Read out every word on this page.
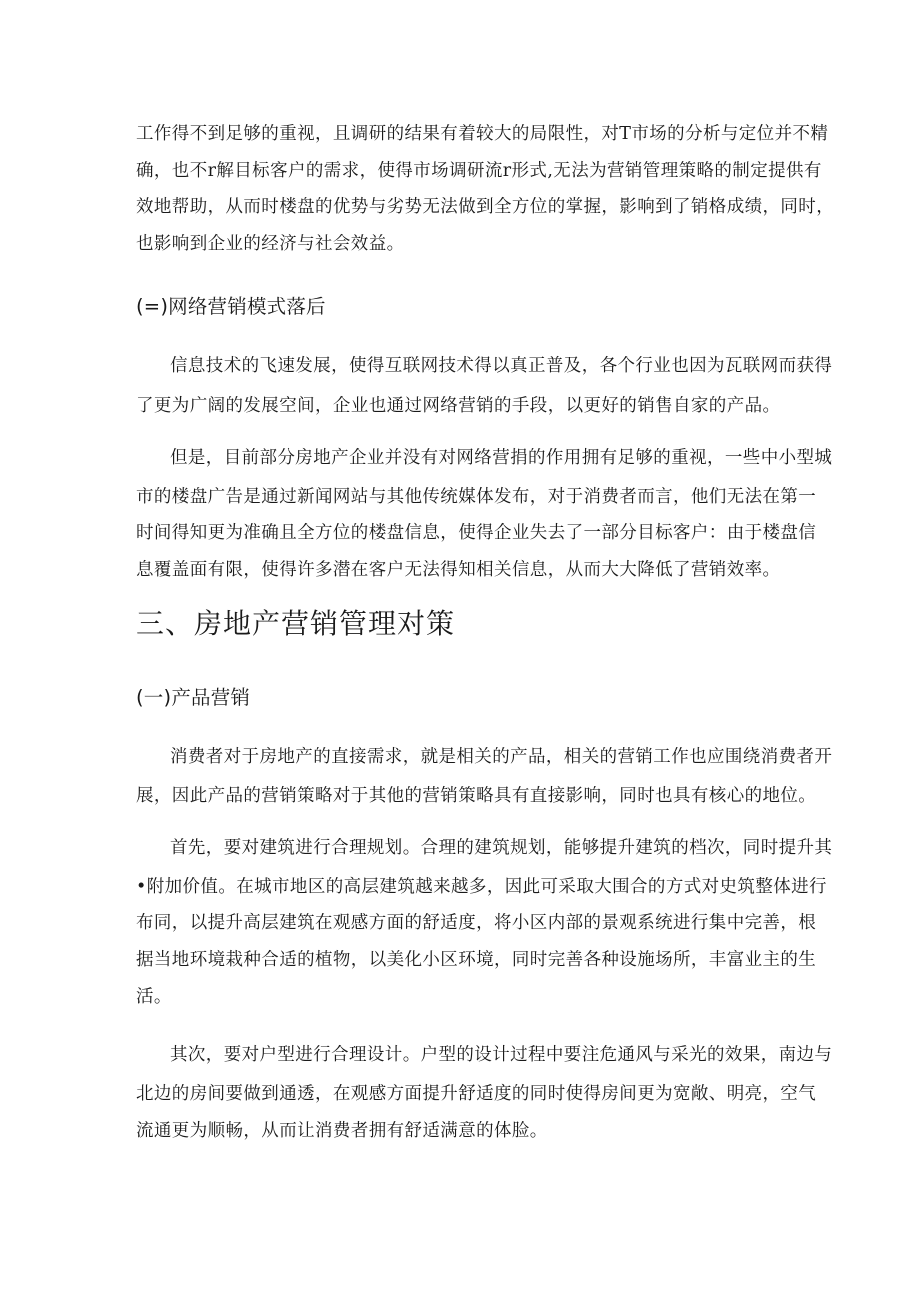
工作得不到足够的重视，且调研的结果有着较大的局限性，对T市场的分析与定位并不精
确，也不r解目标客户的需求，使得市场调研流r形式,无法为营销管理策略的制定提供有
效地帮助，从而时楼盘的优势与劣势无法做到全方位的掌握，影响到了销格成绩，同时，
也影响到企业的经济与社会效益。
(=)网络营销模式落后
信息技术的飞速发展，使得互联网技术得以真正普及，各个行业也因为瓦联网而获得
了更为广阔的发展空间，企业也通过网络营销的手段，以更好的销售自家的产品。
但是，目前部分房地产企业并没有对网络营捐的作用拥有足够的重视，一些中小型城
市的楼盘广告是通过新闻网站与其他传统媒体发布，对于消费者而言，他们无法在第一
时间得知更为准确且全方位的楼盘信息，使得企业失去了一部分目标客户：由于楼盘信
息覆盖面有限，使得许多潜在客户无法得知相关信息，从而大大降低了营销效率。
三、房地产营销管理对策
(一)产品营销
消费者对于房地产的直接需求，就是相关的产品，相关的营销工作也应围绕消费者开
展，因此产品的营销策略对于其他的营销策略具有直接影响，同时也具有核心的地位。
首先，要对建筑进行合理规划。合理的建筑规划，能够提升建筑的档次，同时提升其
•附加价值。在城市地区的高层建筑越来越多，因此可采取大围合的方式对史筑整体进行
布同，以提升高层建筑在观感方面的舒适度，将小区内部的景观系统进行集中完善，根
据当地环境栽种合适的植物，以美化小区环境，同时完善各种设施场所，丰富业主的生
活。
其次，要对户型进行合理设计。户型的设计过程中要注危通风与采光的效果，南边与
北边的房间要做到通透，在观感方面提升舒适度的同时使得房间更为宽敞、明亮，空气
流通更为顺畅，从而让消费者拥有舒适满意的体脸。
